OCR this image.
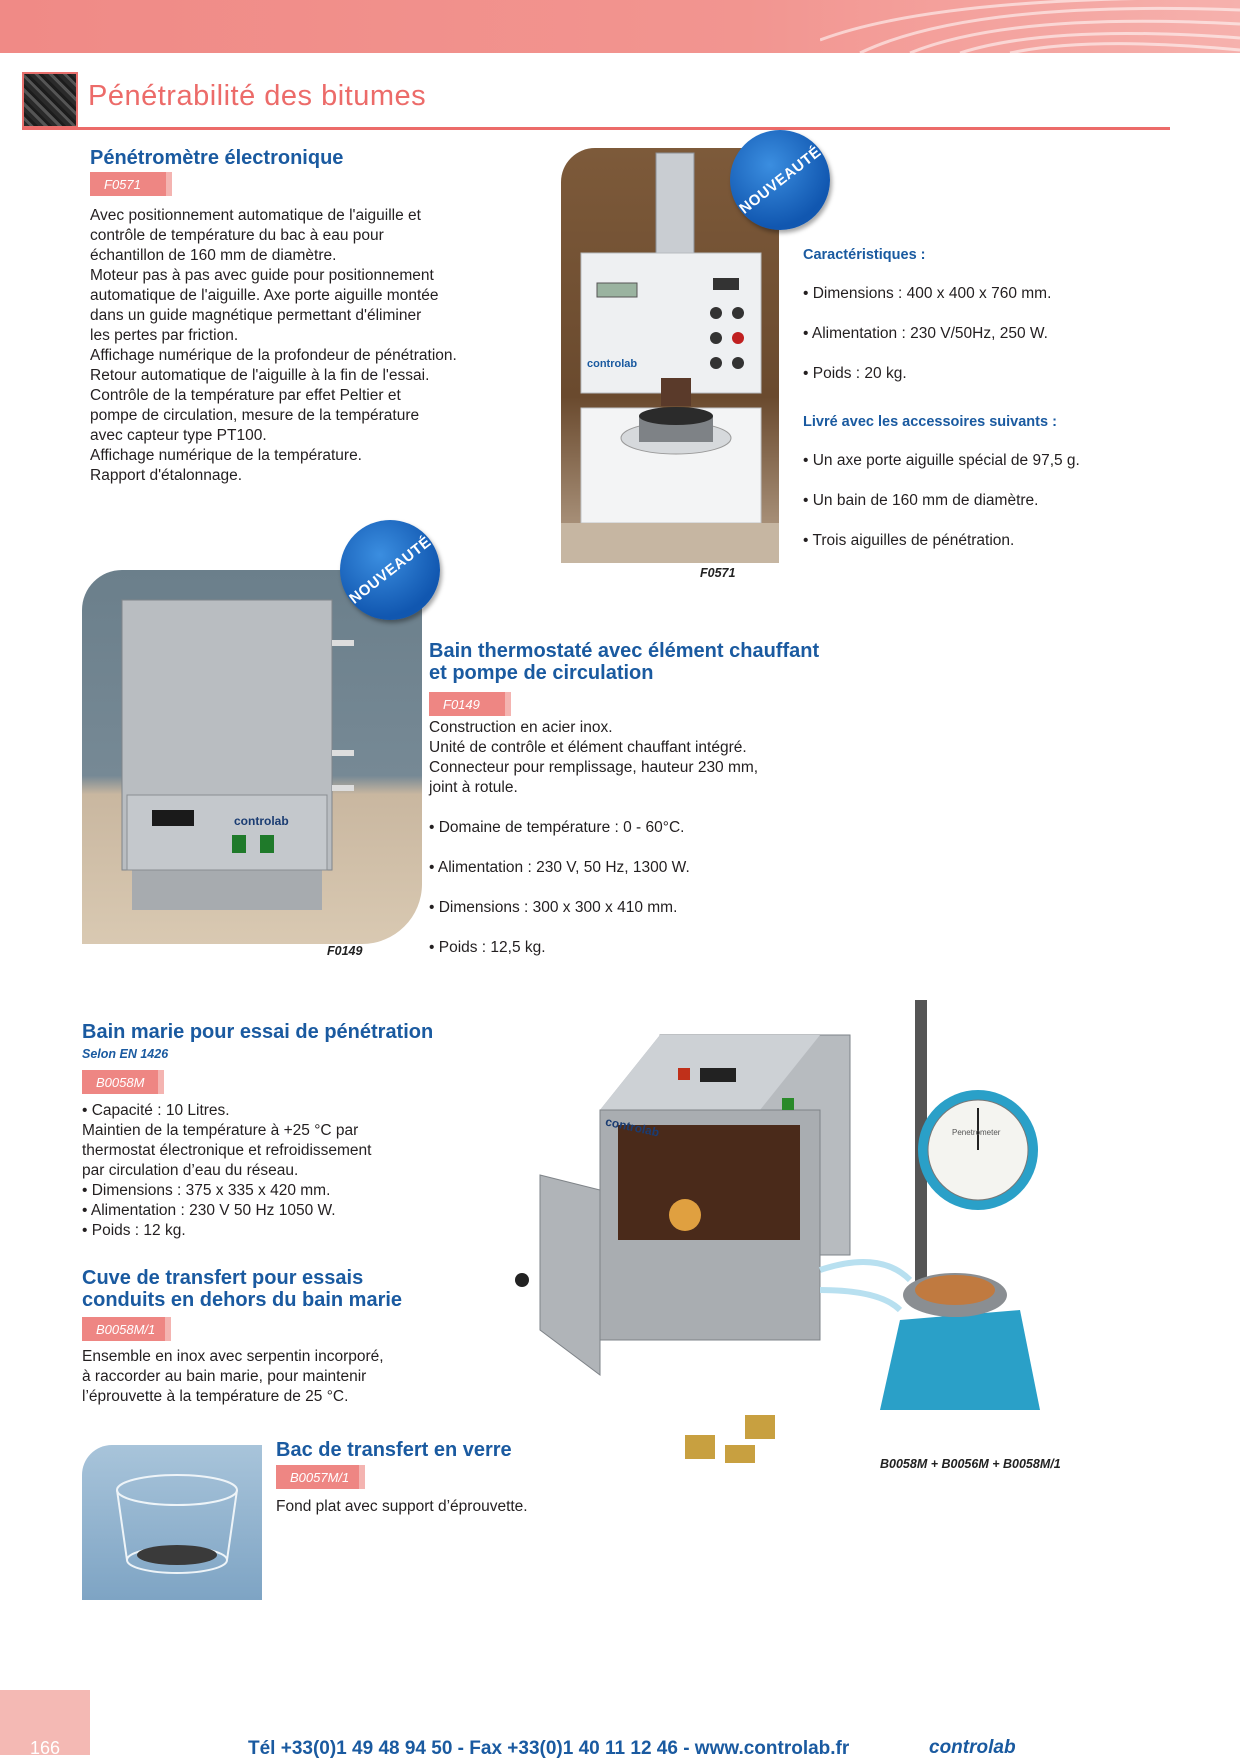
Pénétrabilité des bitumes
Pénétromètre électronique
F0571
Avec positionnement automatique de l'aiguille et
contrôle de température du bac à eau pour
échantillon de 160 mm de diamètre.
Moteur pas à pas avec guide pour positionnement
automatique de l'aiguille. Axe porte aiguille montée
dans un guide magnétique permettant d'éliminer
les pertes par friction.
Affichage numérique de la profondeur de pénétration.
Retour automatique de l'aiguille à la fin de l'essai.
Contrôle de la température par effet Peltier et
pompe de circulation, mesure de la température
avec capteur type PT100.
Affichage numérique de la température.
Rapport d'étalonnage.
controlab
NOUVEAUTÉ
F0571
Caractéristiques :

• Dimensions : 400 x 400 x 760 mm.

• Alimentation : 230 V/50Hz, 250 W.

• Poids : 20 kg.

Livré avec les accessoires suivants :

• Un axe porte aiguille spécial de 97,5 g.

• Un bain de 160 mm de diamètre.

• Trois aiguilles de pénétration.

controlab
NOUVEAUTÉ
F0149
Bain thermostaté avec élément chauffant
et pompe de circulation
F0149
Construction en acier inox.
Unité de contrôle et élément chauffant intégré.
Connecteur pour remplissage, hauteur 230 mm,
joint à rotule.

• Domaine de température : 0 - 60°C.

• Alimentation : 230 V, 50 Hz, 1300 W.

• Dimensions : 300 x 300 x 410 mm.

• Poids : 12,5 kg.

Bain marie pour essai de pénétration
Selon EN 1426
B0058M
• Capacité : 10 Litres.
Maintien de la température à +25 °C par
thermostat électronique et refroidissement
par circulation d’eau du réseau.
• Dimensions : 375 x 335 x 420 mm.
• Alimentation : 230 V 50 Hz 1050 W.
• Poids : 12 kg.
controlab	Penetrometer
B0058M + B0056M + B0058M/1
Cuve de transfert pour essais
conduits en dehors du bain marie
B0058M/1
Ensemble en inox avec serpentin incorporé,
à raccorder au bain marie, pour maintenir
l’éprouvette à la température de 25 °C.
Bac de transfert en verre
B0057M/1
Fond plat avec support d’éprouvette.
166	Tél +33(0)1 49 48 94 50 - Fax +33(0)1 40 11 12 46 - www.controlab.fr	controlab
